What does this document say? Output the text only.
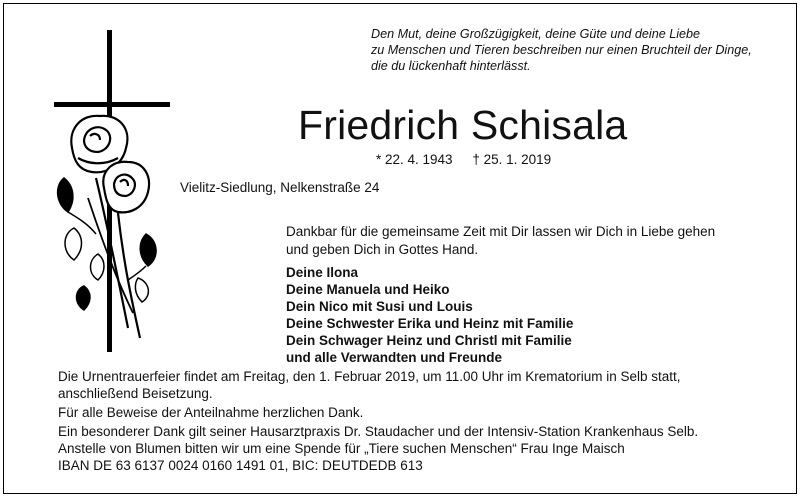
Den Mut, deine Großzügigkeit, deine Güte und deine Liebe
zu Menschen und Tieren beschreiben nur einen Bruchteil der Dinge,
die du lückenhaft hinterlässt.
Friedrich Schisala
* 22. 4. 1943 † 25. 1. 2019
Vielitz-Siedlung, Nelkenstraße 24
Dankbar für die gemeinsame Zeit mit Dir lassen wir Dich in Liebe gehen
und geben Dich in Gottes Hand.
Deine Ilona
Deine Manuela und Heiko
Dein Nico mit Susi und Louis
Deine Schwester Erika und Heinz mit Familie
Dein Schwager Heinz und Christl mit Familie
und alle Verwandten und Freunde
Die Urnentrauerfeier findet am Freitag, den 1. Februar 2019, um 11.00 Uhr im Krematorium in Selb statt,
anschließend Beisetzung.
Für alle Beweise der Anteilnahme herzlichen Dank.
Ein besonderer Dank gilt seiner Hausarztpraxis Dr. Staudacher und der Intensiv-Station Krankenhaus Selb.
Anstelle von Blumen bitten wir um eine Spende für „Tiere suchen Menschen“ Frau Inge Maisch
IBAN DE 63 6137 0024 0160 1491 01, BIC: DEUTDEDB 613
